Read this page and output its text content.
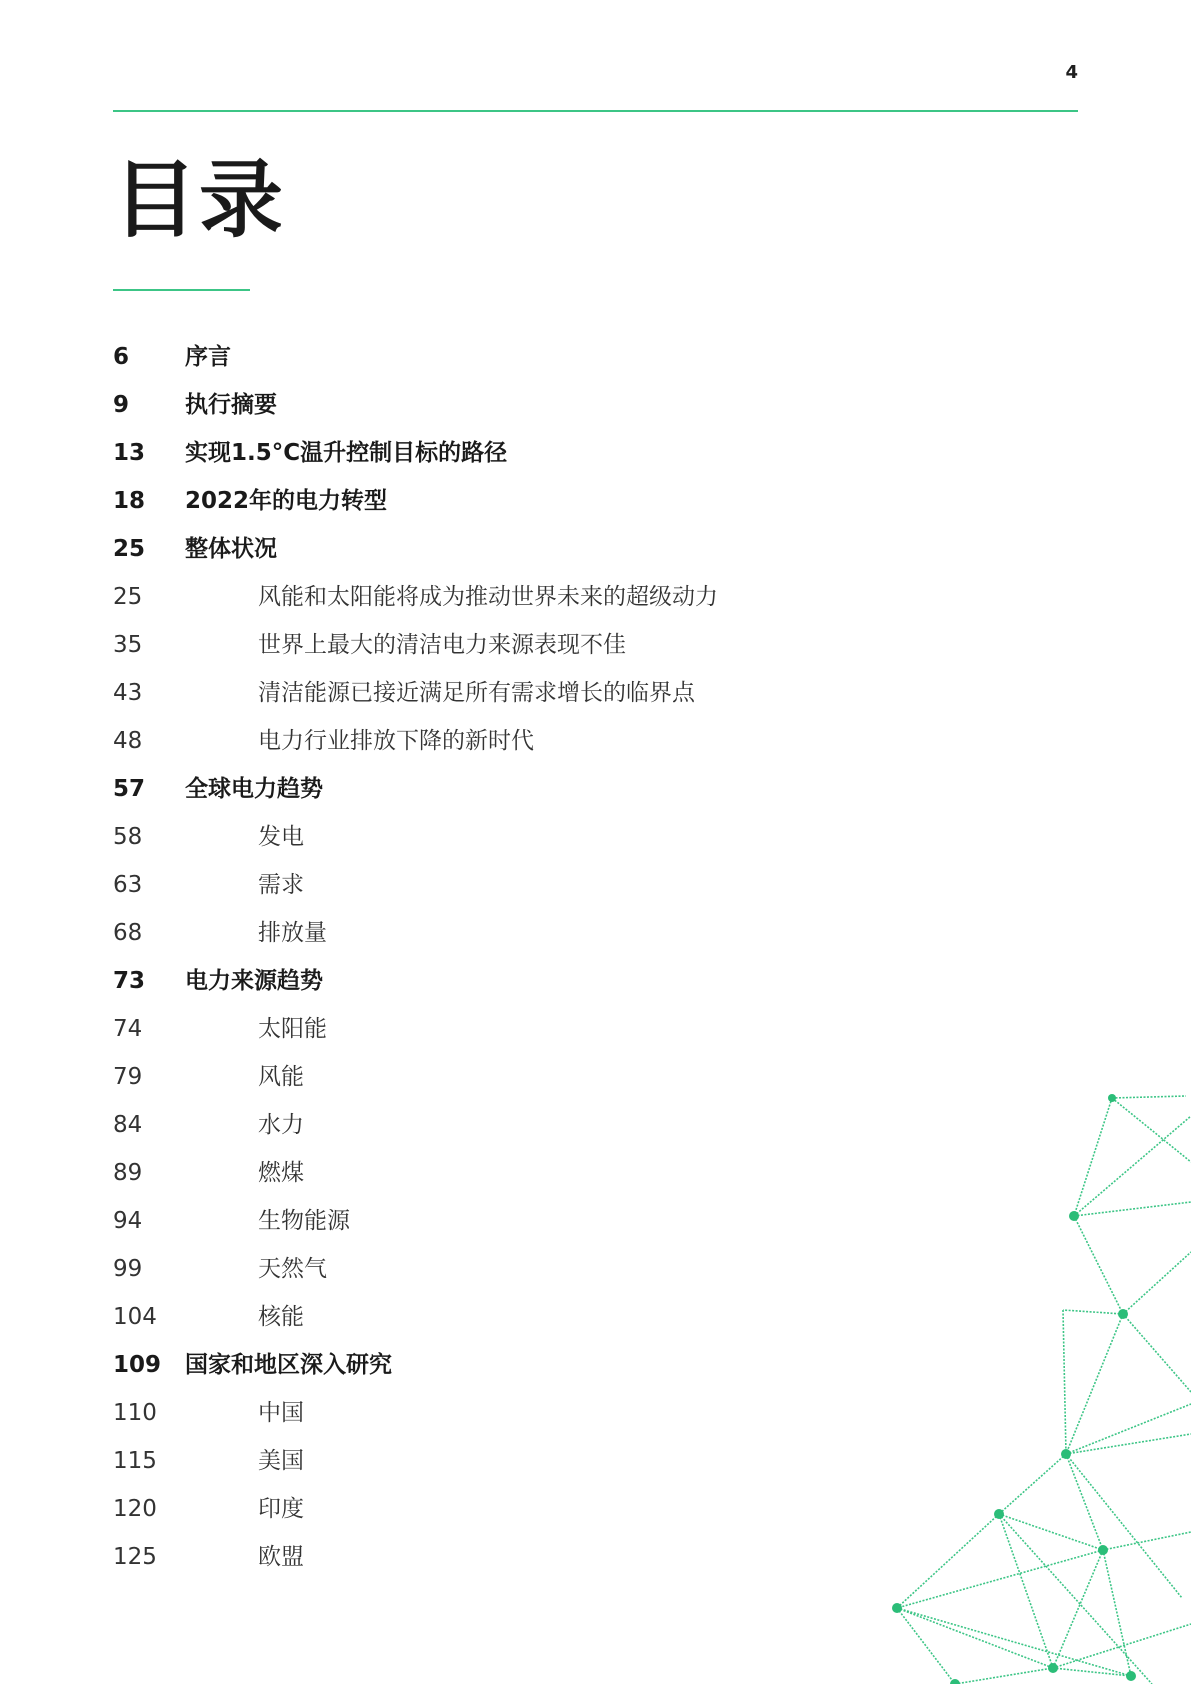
4
目录
6 序言
9 执行摘要
13 实现1.5°C温升控制目标的路径
18 2022年的电力转型
25 整体状况
25	风能和太阳能将成为推动世界未来的超级动力
35	世界上最大的清洁电力来源表现不佳
43	清洁能源已接近满足所有需求增长的临界点
48	电力行业排放下降的新时代
57 全球电力趋势
58	发电
63	需求
68	排放量
73 电力来源趋势
74	太阳能
79	风能
84	水力
89	燃煤
94	生物能源
99	天然气
104	核能
109 国家和地区深入研究
110	中国
115	美国
120	印度
125	欧盟
